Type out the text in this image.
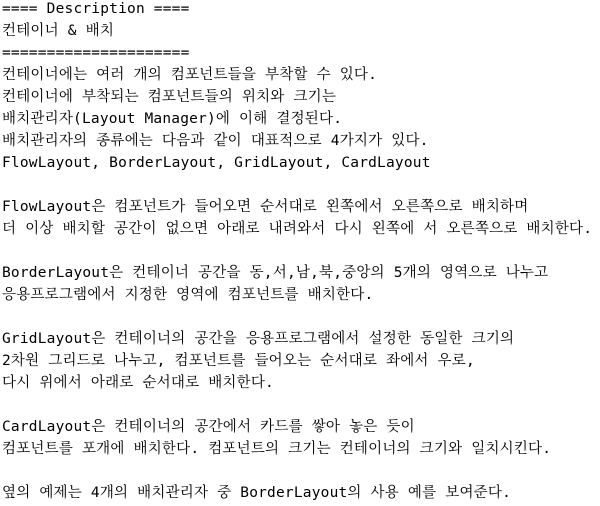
==== Description ====
컨테이너 & 배치
=====================
컨테이너에는 여러 개의 컴포넌트들을 부착할 수 있다.
컨테이너에 부착되는 컴포넌트들의 위치와 크기는
배치관리자(Layout Manager)에 이해 결정된다.
배치관리자의 종류에는 다음과 같이 대표적으로 4가지가 있다.
FlowLayout, BorderLayout, GridLayout, CardLayout
FlowLayout은 컴포넌트가 들어오면 순서대로 왼쪽에서 오른쪽으로 배치하며
더 이상 배치할 공간이 없으면 아래로 내려와서 다시 왼쪽에 서 오른쪽으로 배치한다.
BorderLayout은 컨테이너 공간을 동,서,남,북,중앙의 5개의 영역으로 나누고
응용프로그램에서 지정한 영역에 컴포넌트를 배치한다.
GridLayout은 컨테이너의 공간을 응용프로그램에서 설정한 동일한 크기의
2차원 그리드로 나누고, 컴포넌트를 들어오는 순서대로 좌에서 우로,
다시 위에서 아래로 순서대로 배치한다.
CardLayout은 컨테이너의 공간에서 카드를 쌓아 놓은 듯이
컴포넌트를 포개에 배치한다. 컴포넌트의 크기는 컨테이너의 크기와 일치시킨다.
옆의 예제는 4개의 배치관리자 중 BorderLayout의 사용 예를 보여준다.
